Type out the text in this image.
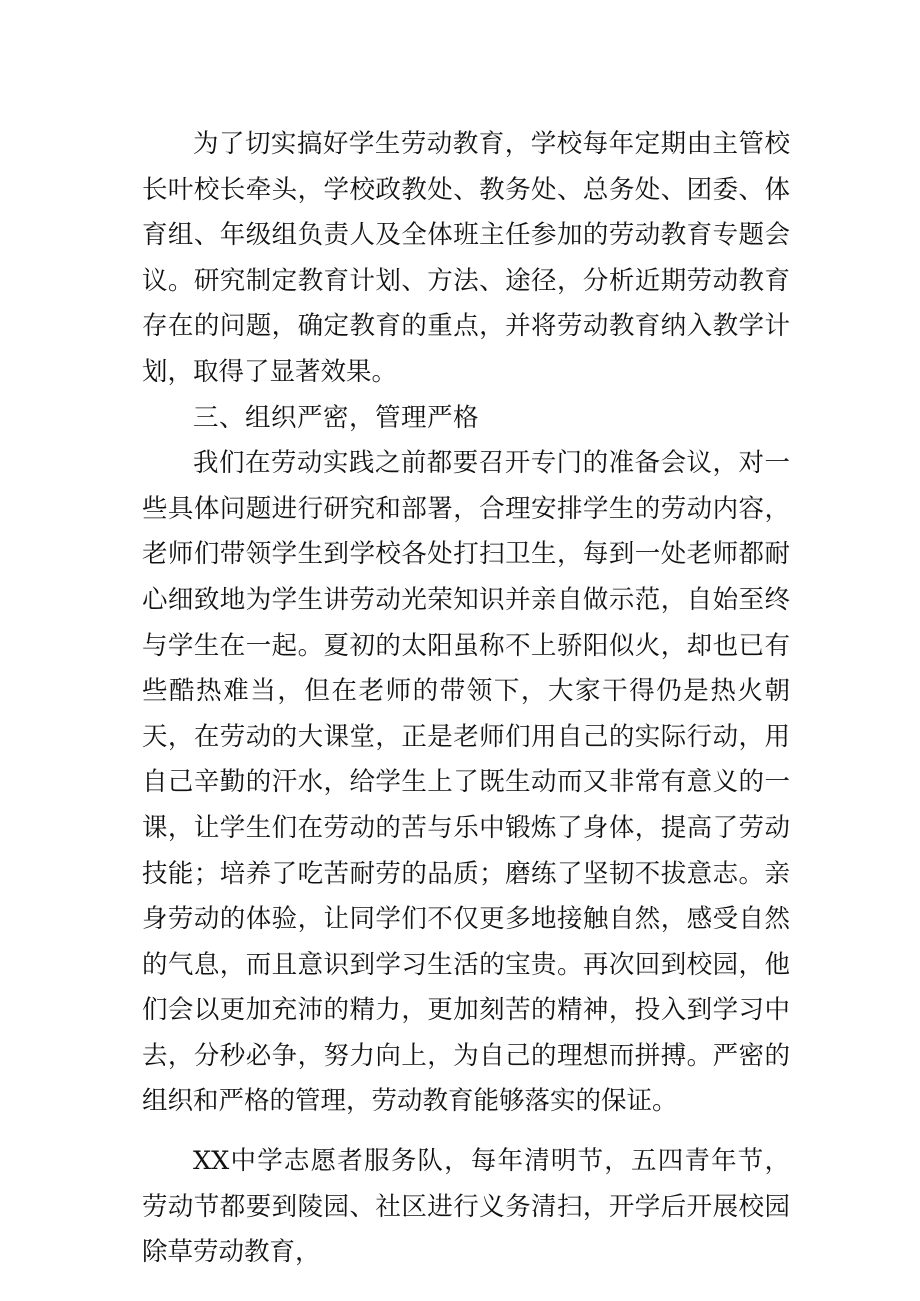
为了切实搞好学生劳动教育，学校每年定期由主管校长叶校长牵头，学校政教处、教务处、总务处、团委、体育组、年级组负责人及全体班主任参加的劳动教育专题会议。研究制定教育计划、方法、途径，分析近期劳动教育存在的问题，确定教育的重点，并将劳动教育纳入教学计划，取得了显著效果。

三、组织严密，管理严格

我们在劳动实践之前都要召开专门的准备会议，对一些具体问题进行研究和部署，合理安排学生的劳动内容，老师们带领学生到学校各处打扫卫生，每到一处老师都耐心细致地为学生讲劳动光荣知识并亲自做示范，自始至终与学生在一起。夏初的太阳虽称不上骄阳似火，却也已有些酷热难当，但在老师的带领下，大家干得仍是热火朝天，在劳动的大课堂，正是老师们用自己的实际行动，用自己辛勤的汗水，给学生上了既生动而又非常有意义的一课，让学生们在劳动的苦与乐中锻炼了身体，提高了劳动技能；培养了吃苦耐劳的品质；磨练了坚韧不拔意志。亲身劳动的体验，让同学们不仅更多地接触自然，感受自然的气息，而且意识到学习生活的宝贵。再次回到校园，他们会以更加充沛的精力，更加刻苦的精神，投入到学习中去，分秒必争，努力向上，为自己的理想而拼搏。严密的组织和严格的管理，劳动教育能够落实的保证。

XX中学志愿者服务队，每年清明节，五四青年节，劳动节都要到陵园、社区进行义务清扫，开学后开展校园除草劳动教育，
